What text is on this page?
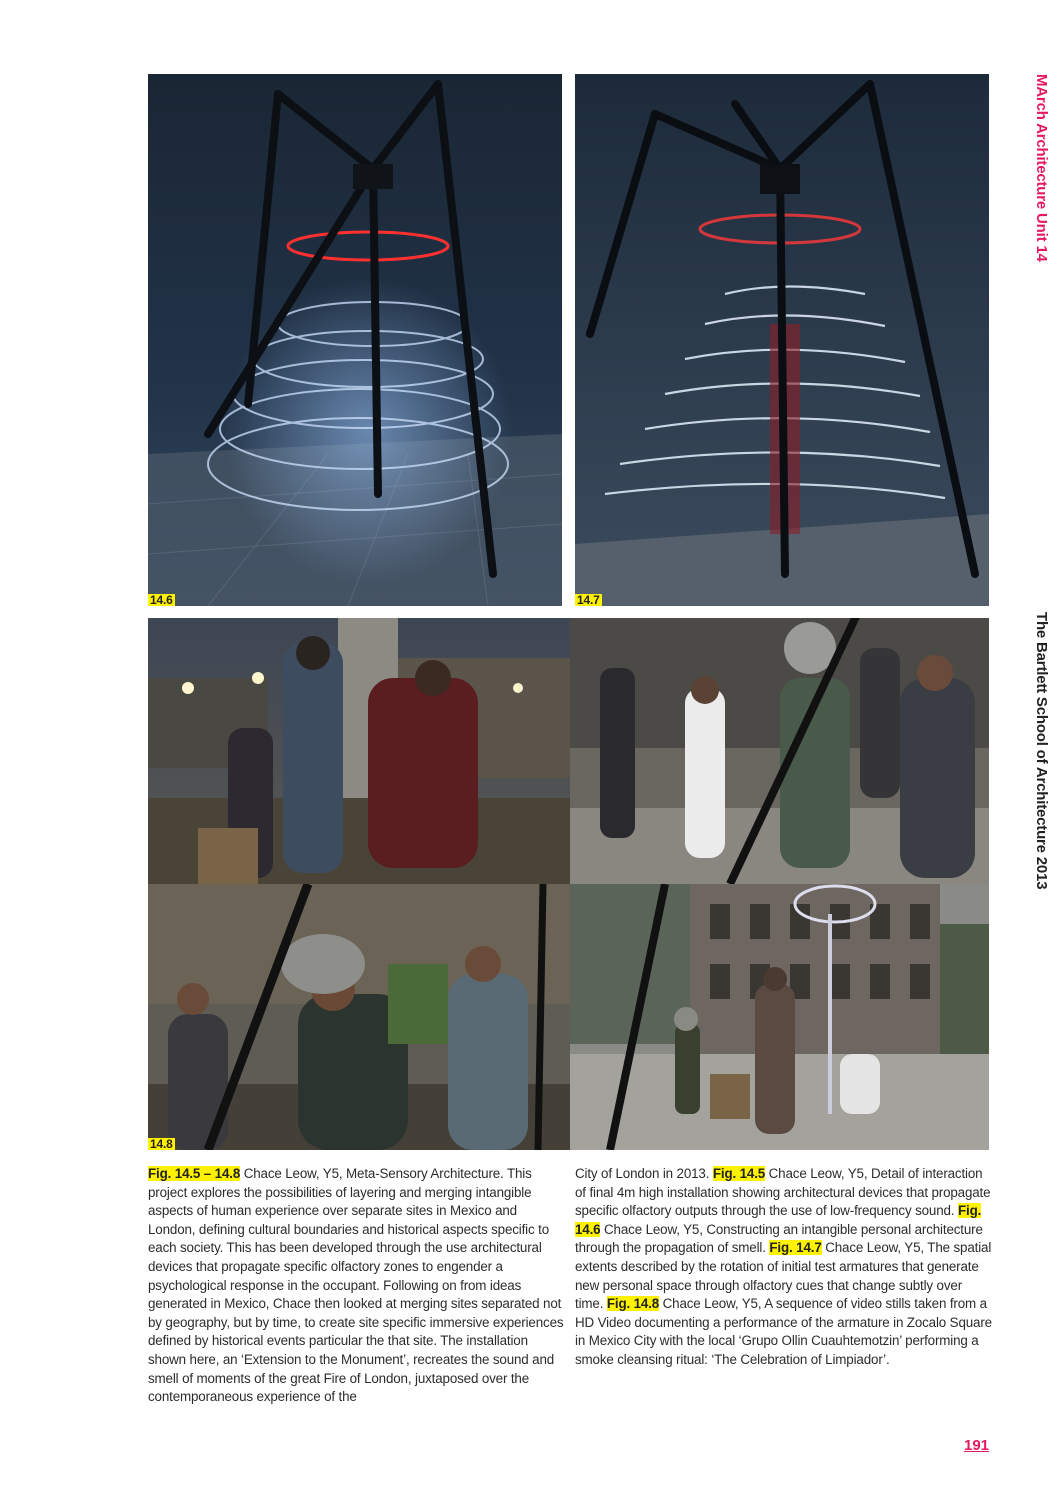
MArch Architecture Unit 14
The Bartlett School of Architecture 2013
14.6	14.7
14.8
Fig. 14.5 – 14.8 Chace Leow, Y5, Meta-Sensory Architecture. This project explores the possibilities of layering and merging intangible aspects of human experience over separate sites in Mexico and London, defining cultural boundaries and historical aspects specific to each society. This has been developed through the use architectural devices that propagate specific olfactory zones to engender a psychological response in the occupant. Following on from ideas generated in Mexico, Chace then looked at merging sites separated not by geography, but by time, to create site specific immersive experiences defined by historical events particular the that site. The installation shown here, an ‘Extension to the Monument’, recreates the sound and smell of moments of the great Fire of London, juxtaposed over the contemporaneous experience of the
City of London in 2013. Fig. 14.5 Chace Leow, Y5, Detail of interaction of final 4m high installation showing architectural devices that propagate specific olfactory outputs through the use of low-frequency sound. Fig. 14.6 Chace Leow, Y5, Constructing an intangible personal architecture through the propagation of smell. Fig. 14.7 Chace Leow, Y5, The spatial extents described by the rotation of initial test armatures that generate new personal space through olfactory cues that change subtly over time. Fig. 14.8 Chace Leow, Y5, A sequence of video stills taken from a HD Video documenting a performance of the armature in Zocalo Square in Mexico City with the local ‘Grupo Ollin Cuauhtemotzin’ performing a smoke cleansing ritual: ‘The Celebration of Limpiador’.
191
